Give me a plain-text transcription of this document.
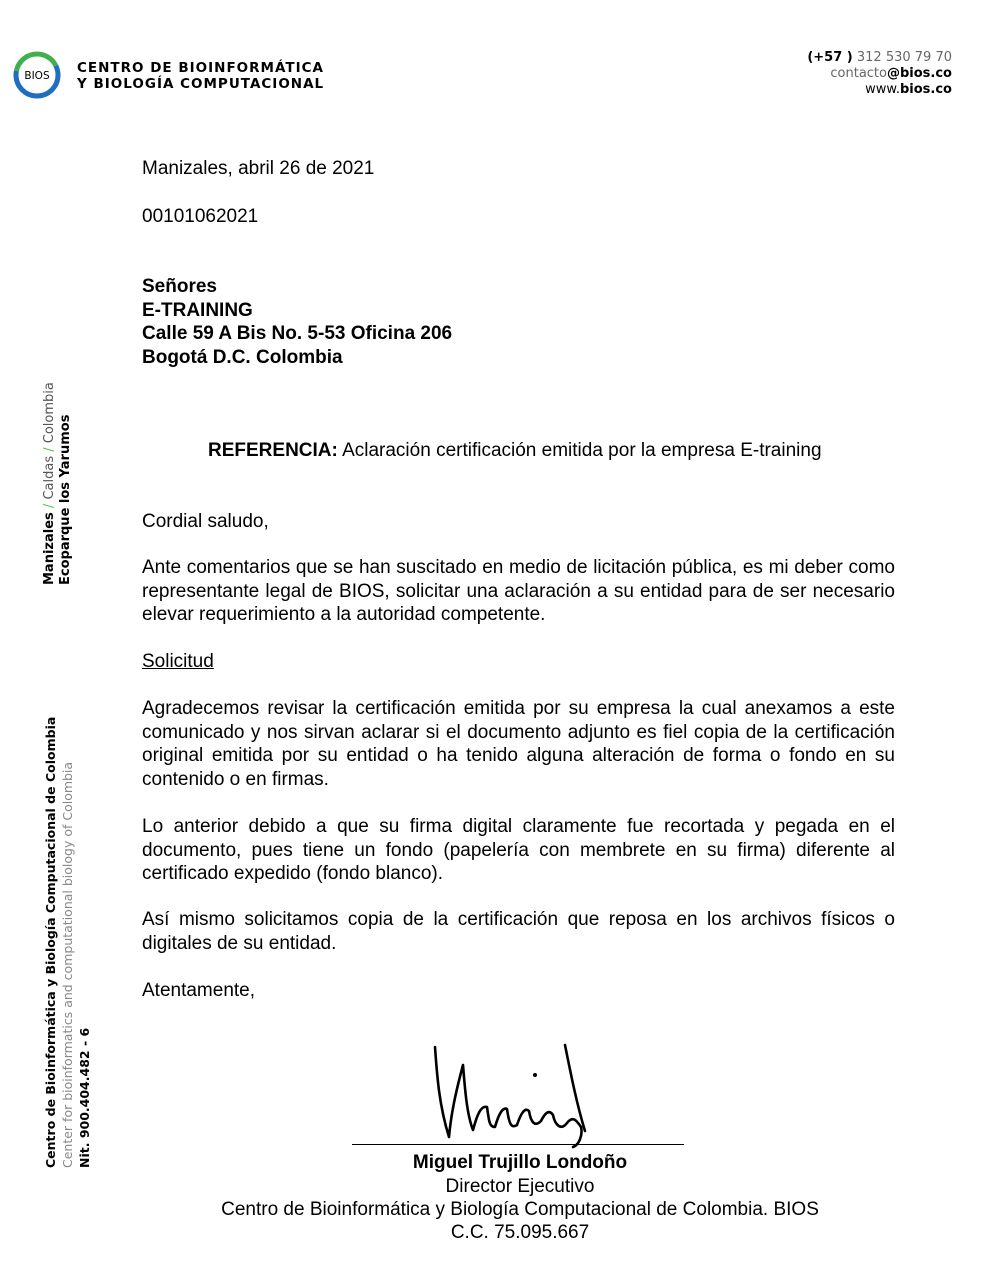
BIOS CENTRO DE BIOINFORMÁTICA
Y BIOLOGÍA COMPUTACIONAL
(+57 ) 312 530 79 70
contacto@bios.co
www.bios.co
Manizales, abril 26 de 2021
00101062021
Señores
E-TRAINING
Calle 59 A Bis No. 5-53 Oficina 206
Bogotá D.C. Colombia
REFERENCIA: Aclaración certificación emitida por la empresa E-training
Cordial saludo,
Ante comentarios que se han suscitado en medio de licitación pública, es mi deber como representante legal de BIOS, solicitar una aclaración a su entidad para de ser necesario elevar requerimiento a la autoridad competente.
Solicitud
Agradecemos revisar la certificación emitida por su empresa la cual anexamos a este comunicado y nos sirvan aclarar si el documento adjunto es fiel copia de la certificación original emitida por su entidad o ha tenido alguna alteración de forma o fondo en su contenido o en firmas.
Lo anterior debido a que su firma digital claramente fue recortada y pegada en el documento, pues tiene un fondo (papelería con membrete en su firma) diferente al certificado expedido (fondo blanco).
Así mismo solicitamos copia de la certificación que reposa en los archivos físicos o digitales de su entidad.
Atentamente,
Miguel Trujillo Londoño
Director Ejecutivo
Centro de Bioinformática y Biología Computacional de Colombia. BIOS
C.C. 75.095.667
Manizales / Caldas / Colombia
Ecoparque los Yarumos
Centro de Bioinformática y Biología Computacional de Colombia Center for bioinformatics and computational biology of Colombia Nit. 900.404.482 - 6
